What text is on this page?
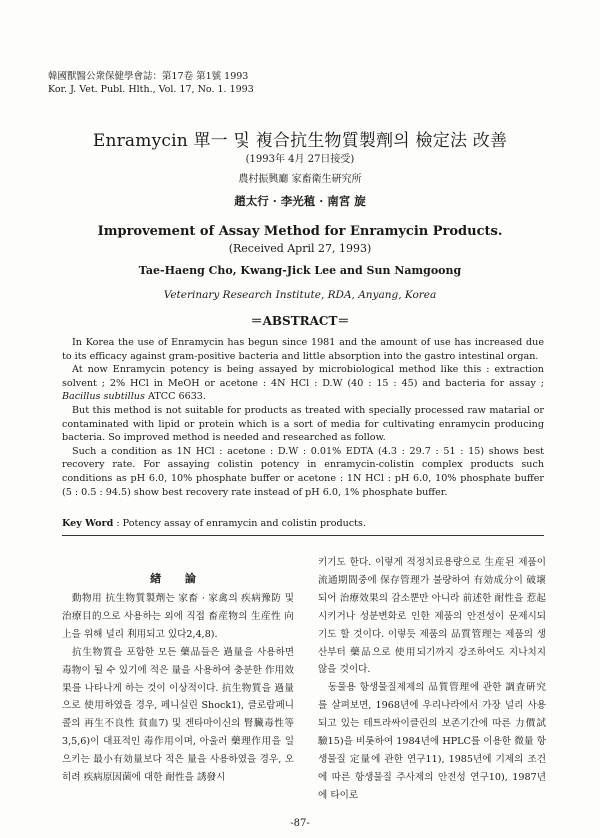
韓國獸醫公衆保健學會誌：第17卷 第1號 1993
Kor. J. Vet. Publ. Hlth., Vol. 17, No. 1. 1993
Enramycin 單一 및 複合抗生物質製劑의 檢定法 改善
(1993年 4月 27日接受)
農村振興廳 家畜衛生硏究所
趙太行 · 李光稙 · 南宮 旋
Improvement of Assay Method for Enramycin Products.
(Received April 27, 1993)
Tae-Haeng Cho, Kwang-Jick Lee and Sun Namgoong
Veterinary Research Institute, RDA, Anyang, Korea
＝ABSTRACT＝

In Korea the use of Enramycin has begun since 1981 and the amount of use has increased due to its efficacy against gram-positive bacteria and little absorption into the gastro intestinal organ.

At now Enramycin potency is being assayed by microbiological method like this : extraction solvent ; 2% HCl in MeOH or acetone : 4N HCl : D.W (40 : 15 : 45) and bacteria for assay ; Bacillus subtillus ATCC 6633.

But this method is not suitable for products as treated with specially processed raw matarial or contaminated with lipid or protein which is a sort of media for cultivating enramycin producing bacteria. So improved method is needed and researched as follow.

Such a condition as 1N HCl : acetone : D.W : 0.01% EDTA (4.3 : 29.7 : 51 : 15) shows best recovery rate. For assaying colistin potency in enramycin-colistin complex products such conditions as pH 6.0, 10% phosphate buffer or acetone : 1N HCl : pH 6.0, 10% phosphate buffer (5 : 0.5 : 94.5) show best recovery rate instead of pH 6.0, 1% phosphate buffer.

Key Word : Potency assay of enramycin and colistin products.
緖 論

動物用 抗生物質製劑는 家畜 · 家禽의 疾病豫防 및 治療目的으로 사용하는 외에 직접 畜産物의 生産性 向上을 위해 널리 利用되고 있다2,4,8).

抗生物質을 포함한 모든 藥品들은 過量을 사용하면 毒物이 될 수 있기에 적은 量을 사용하여 충분한 作用效果를 나타나게 하는 것이 이상적이다. 抗生物質을 過量으로 使用하였을 경우, 페니실린 Shock1), 클로람페니콜의 再生不良性 貧血7) 및 겐타마이신의 腎臟毒性等3,5,6)이 대표적인 毒作用이며, 아울러 藥理作用을 일으키는 最小有効量보다 적은 量을 사용하였을 경우, 오히려 疾病原因菌에 대한 耐性을 誘發시

키기도 한다. 이렇게 적정치료용량으로 生産된 제품이 流通期間중에 保存管理가 불량하여 有効成分이 破壞되어 治療效果의 감소뿐만 아니라 前述한 耐性을 惹起시키거나 성분변화로 인한 제품의 안전성이 문제시되기도 할 것이다. 이렇듯 제품의 品質管理는 제품의 생산부터 藥品으로 使用되기까지 강조하여도 지나치지 않을 것이다.

동물용 항생물질제제의 品質管理에 관한 調査硏究를 살펴보면, 1968년에 우리나라에서 가장 널리 사용되고 있는 테트라싸이클린의 보존기간에 따른 力價試驗15)을 비롯하여 1984년에 HPLC를 이용한 微量 항생물질 定量에 관한 연구11), 1985년에 기제의 조건에 따른 항생물질 주사제의 안전성 연구10), 1987년에 타이로

-87-
